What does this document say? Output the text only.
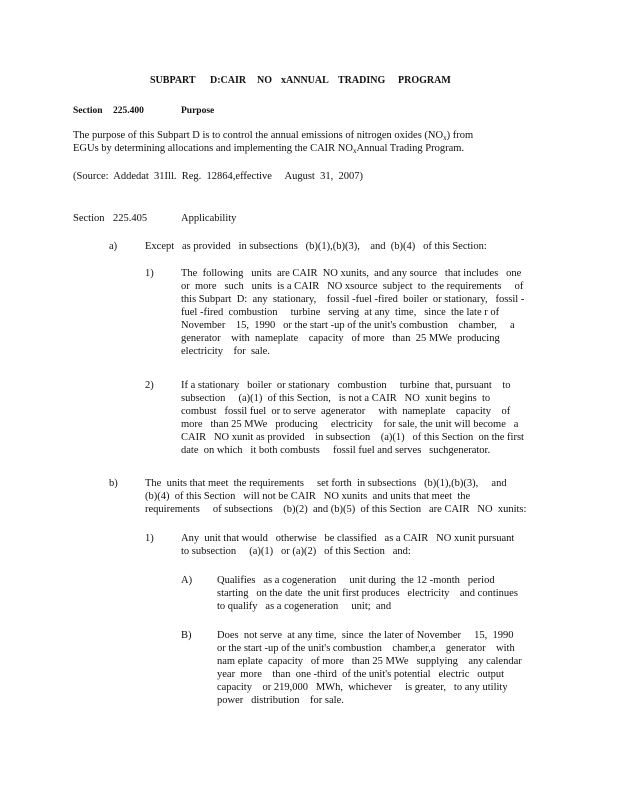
SUBPART D:CAIR NO xANNUAL TRADING PROGRAM
Section 225.400	Purpose
The purpose of this Subpart D is to control the annual emissions of nitrogen oxides $(NO_x)$ from
EGUs by determining allocations and implementing the CAIR $NO_xAnnual$ Trading Program.
(Source:  Addedat  31Ill.  Reg.  12864,effective     August  31,  2007)
Section 225.405	Applicability
a)	Except   as provided   in subsections   (b)(1),(b)(3),    and  (b)(4)   of this Section:
1)	The  following   units  are CAIR  NO xunits,  and any source   that includes   one
or  more   such   units  is a CAIR   NO xsource  subject  to  the requirements     of
this Subpart  D:  any  stationary,    fossil -fuel -fired  boiler  or stationary,   fossil -
fuel -fired  combustion     turbine   serving  at any  time,   since  the late r of
November    15,  1990   or the start -up of the unit's combustion    chamber,     a
generator    with  nameplate    capacity   of more   than  25 MWe  producing
electricity    for  sale.
2)	If a stationary   boiler  or stationary   combustion     turbine  that, pursuant    to
subsection     (a)(1)  of this Section,   is not a CAIR   NO  xunit begins  to
combust   fossil fuel  or to serve  agenerator     with  nameplate    capacity    of
more   than 25 MWe   producing     electricity    for sale, the unit will become   a
CAIR   NO xunit as provided    in subsection    (a)(1)   of this Section  on the first
date  on which   it both combusts     fossil fuel and serves   suchgenerator.
b)	The  units that meet  the requirements     set forth  in subsections   (b)(1),(b)(3),     and
(b)(4)  of this Section   will not be CAIR   NO xunits  and units that meet  the
requirements     of subsections    (b)(2)  and (b)(5)  of this Section   are CAIR   NO  xunits:
1)	Any  unit that would   otherwise   be classified   as a CAIR   NO xunit pursuant
to subsection     (a)(1)   or (a)(2)   of this Section   and:
A) Qualifies   as a cogeneration     unit during  the 12 -month   period
starting   on the date  the unit first produces   electricity    and continues
to qualify   as a cogeneration     unit;  and
B) Does  not serve  at any time,  since  the later of November     15,  1990
or the start -up of the unit's combustion    chamber,a    generator    with
nam eplate  capacity   of more   than 25 MWe   supplying    any calendar
year  more    than  one -third  of the unit's potential   electric   output
capacity    or 219,000   MWh,  whichever     is greater,   to any utility
power   distribution    for sale.
